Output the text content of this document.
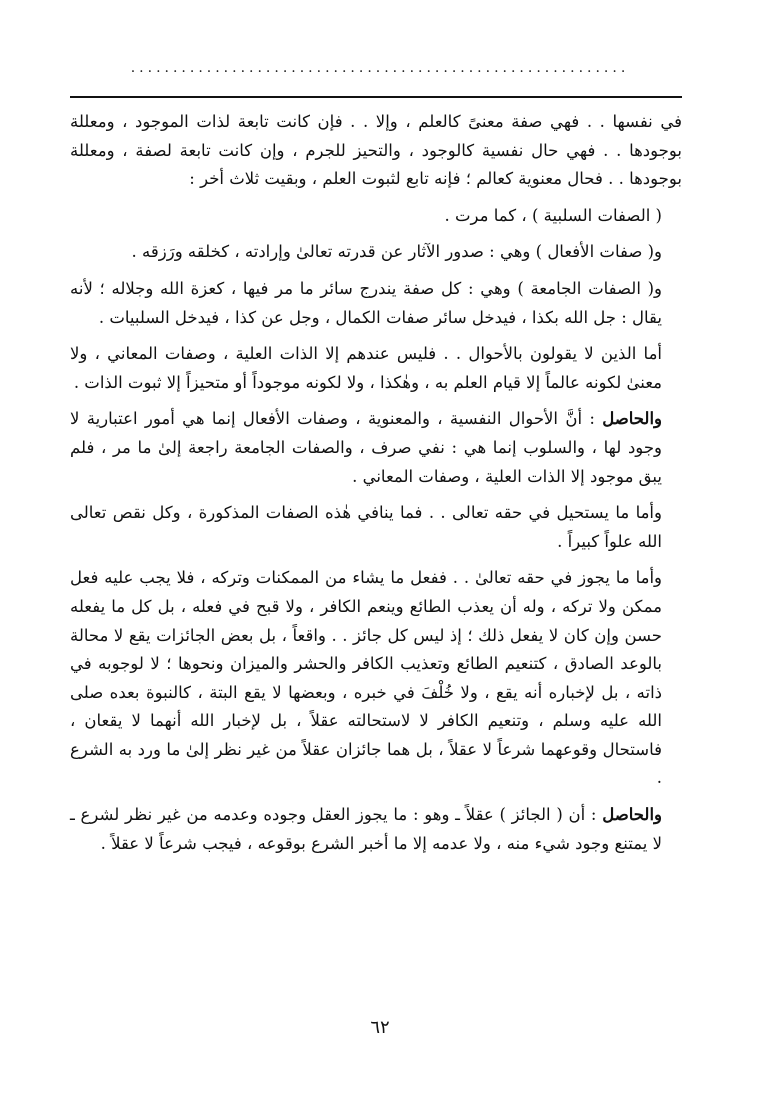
...........................................................

في نفسها . . فهي صفة معنىً كالعلم ، وإلا . . فإن كانت تابعة لذات الموجود ، ومعللة بوجودها . . فهي حال نفسية كالوجود ، والتحيز للجرم ، وإن كانت تابعة لصفة ، ومعللة بوجودها . . فحال معنوية كعالم ؛ فإنه تابع لثبوت العلم ، وبقيت ثلاث أخر :

( الصفات السلبية ) ، كما مرت .

و( صفات الأفعال ) وهي : صدور الآثار عن قدرته تعالىٰ وإرادته ، كخلقه ورَزقه .

و( الصفات الجامعة ) وهي : كل صفة يندرج سائر ما مر فيها ، كعزة الله وجلاله ؛ لأنه يقال : جل الله بكذا ، فيدخل سائر صفات الكمال ، وجل عن كذا ، فيدخل السلبيات .

أما الذين لا يقولون بالأحوال . . فليس عندهم إلا الذات العلية ، وصفات المعاني ، ولا معنىٰ لكونه عالماً إلا قيام العلم به ، وهٰكذا ، ولا لكونه موجوداً أو متحيزاً إلا ثبوت الذات .

والحاصل : أنَّ الأحوال النفسية ، والمعنوية ، وصفات الأفعال إنما هي أمور اعتبارية لا وجود لها ، والسلوب إنما هي : نفي صرف ، والصفات الجامعة راجعة إلىٰ ما مر ، فلم يبق موجود إلا الذات العلية ، وصفات المعاني .

وأما ما يستحيل في حقه تعالى . . فما ينافي هٰذه الصفات المذكورة ، وكل نقص تعالى الله علواً كبيراً .

وأما ما يجوز في حقه تعالىٰ . . ففعل ما يشاء من الممكنات وتركه ، فلا يجب عليه فعل ممكن ولا تركه ، وله أن يعذب الطائع وينعم الكافر ، ولا قبح في فعله ، بل كل ما يفعله حسن وإن كان لا يفعل ذلك ؛ إذ ليس كل جائز . . واقعاً ، بل بعض الجائزات يقع لا محالة بالوعد الصادق ، كتنعيم الطائع وتعذيب الكافر والحشر والميزان ونحوها ؛ لا لوجوبه في ذاته ، بل لإخباره أنه يقع ، ولا خُلْفَ في خبره ، وبعضها لا يقع البتة ، كالنبوة بعده صلى الله عليه وسلم ، وتنعيم الكافر لا لاستحالته عقلاً ، بل لإخبار الله أنهما لا يقعان ، فاستحال وقوعهما شرعاً لا عقلاً ، بل هما جائزان عقلاً من غير نظر إلىٰ ما ورد به الشرع .

والحاصل : أن ( الجائز ) عقلاً ـ وهو : ما يجوز العقل وجوده وعدمه من غير نظر لشرع ـ لا يمتنع وجود شيء منه ، ولا عدمه إلا ما أخبر الشرع بوقوعه ، فيجب شرعاً لا عقلاً .

٦٢
